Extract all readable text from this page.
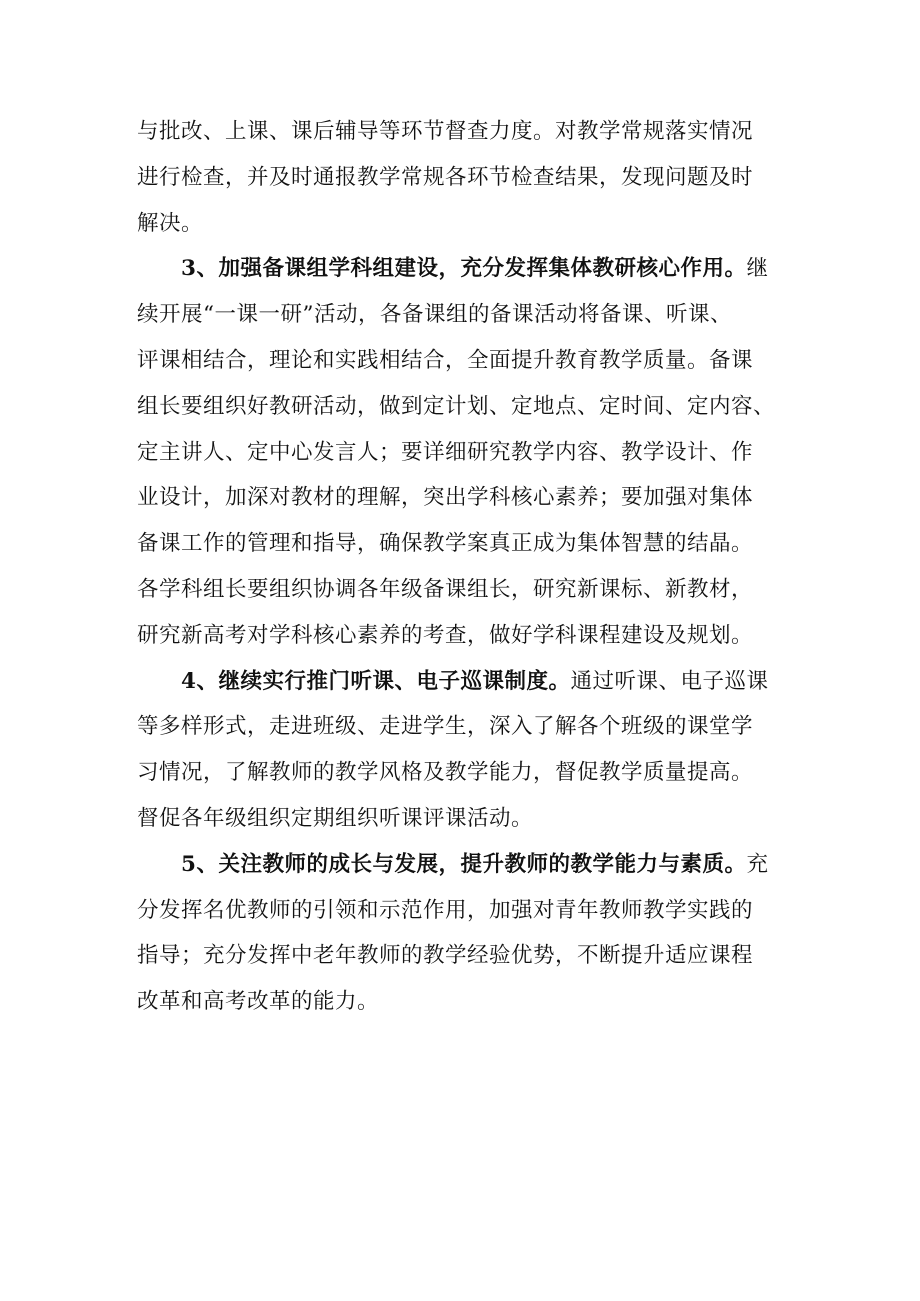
与批改、上课、课后辅导等环节督查力度。对教学常规落实情况
进行检查，并及时通报教学常规各环节检查结果，发现问题及时
解决。
　　3、加强备课组学科组建设，充分发挥集体教研核心作用。继
续开展“一课一研”活动，各备课组的备课活动将备课、听课、
评课相结合，理论和实践相结合，全面提升教育教学质量。备课
组长要组织好教研活动，做到定计划、定地点、定时间、定内容、
定主讲人、定中心发言人；要详细研究教学内容、教学设计、作
业设计，加深对教材的理解，突出学科核心素养；要加强对集体
备课工作的管理和指导，确保教学案真正成为集体智慧的结晶。
各学科组长要组织协调各年级备课组长，研究新课标、新教材，
研究新高考对学科核心素养的考查，做好学科课程建设及规划。
　　4、继续实行推门听课、电子巡课制度。通过听课、电子巡课
等多样形式，走进班级、走进学生，深入了解各个班级的课堂学
习情况，了解教师的教学风格及教学能力，督促教学质量提高。
督促各年级组织定期组织听课评课活动。
　　5、关注教师的成长与发展，提升教师的教学能力与素质。充
分发挥名优教师的引领和示范作用，加强对青年教师教学实践的
指导；充分发挥中老年教师的教学经验优势，不断提升适应课程
改革和高考改革的能力。
